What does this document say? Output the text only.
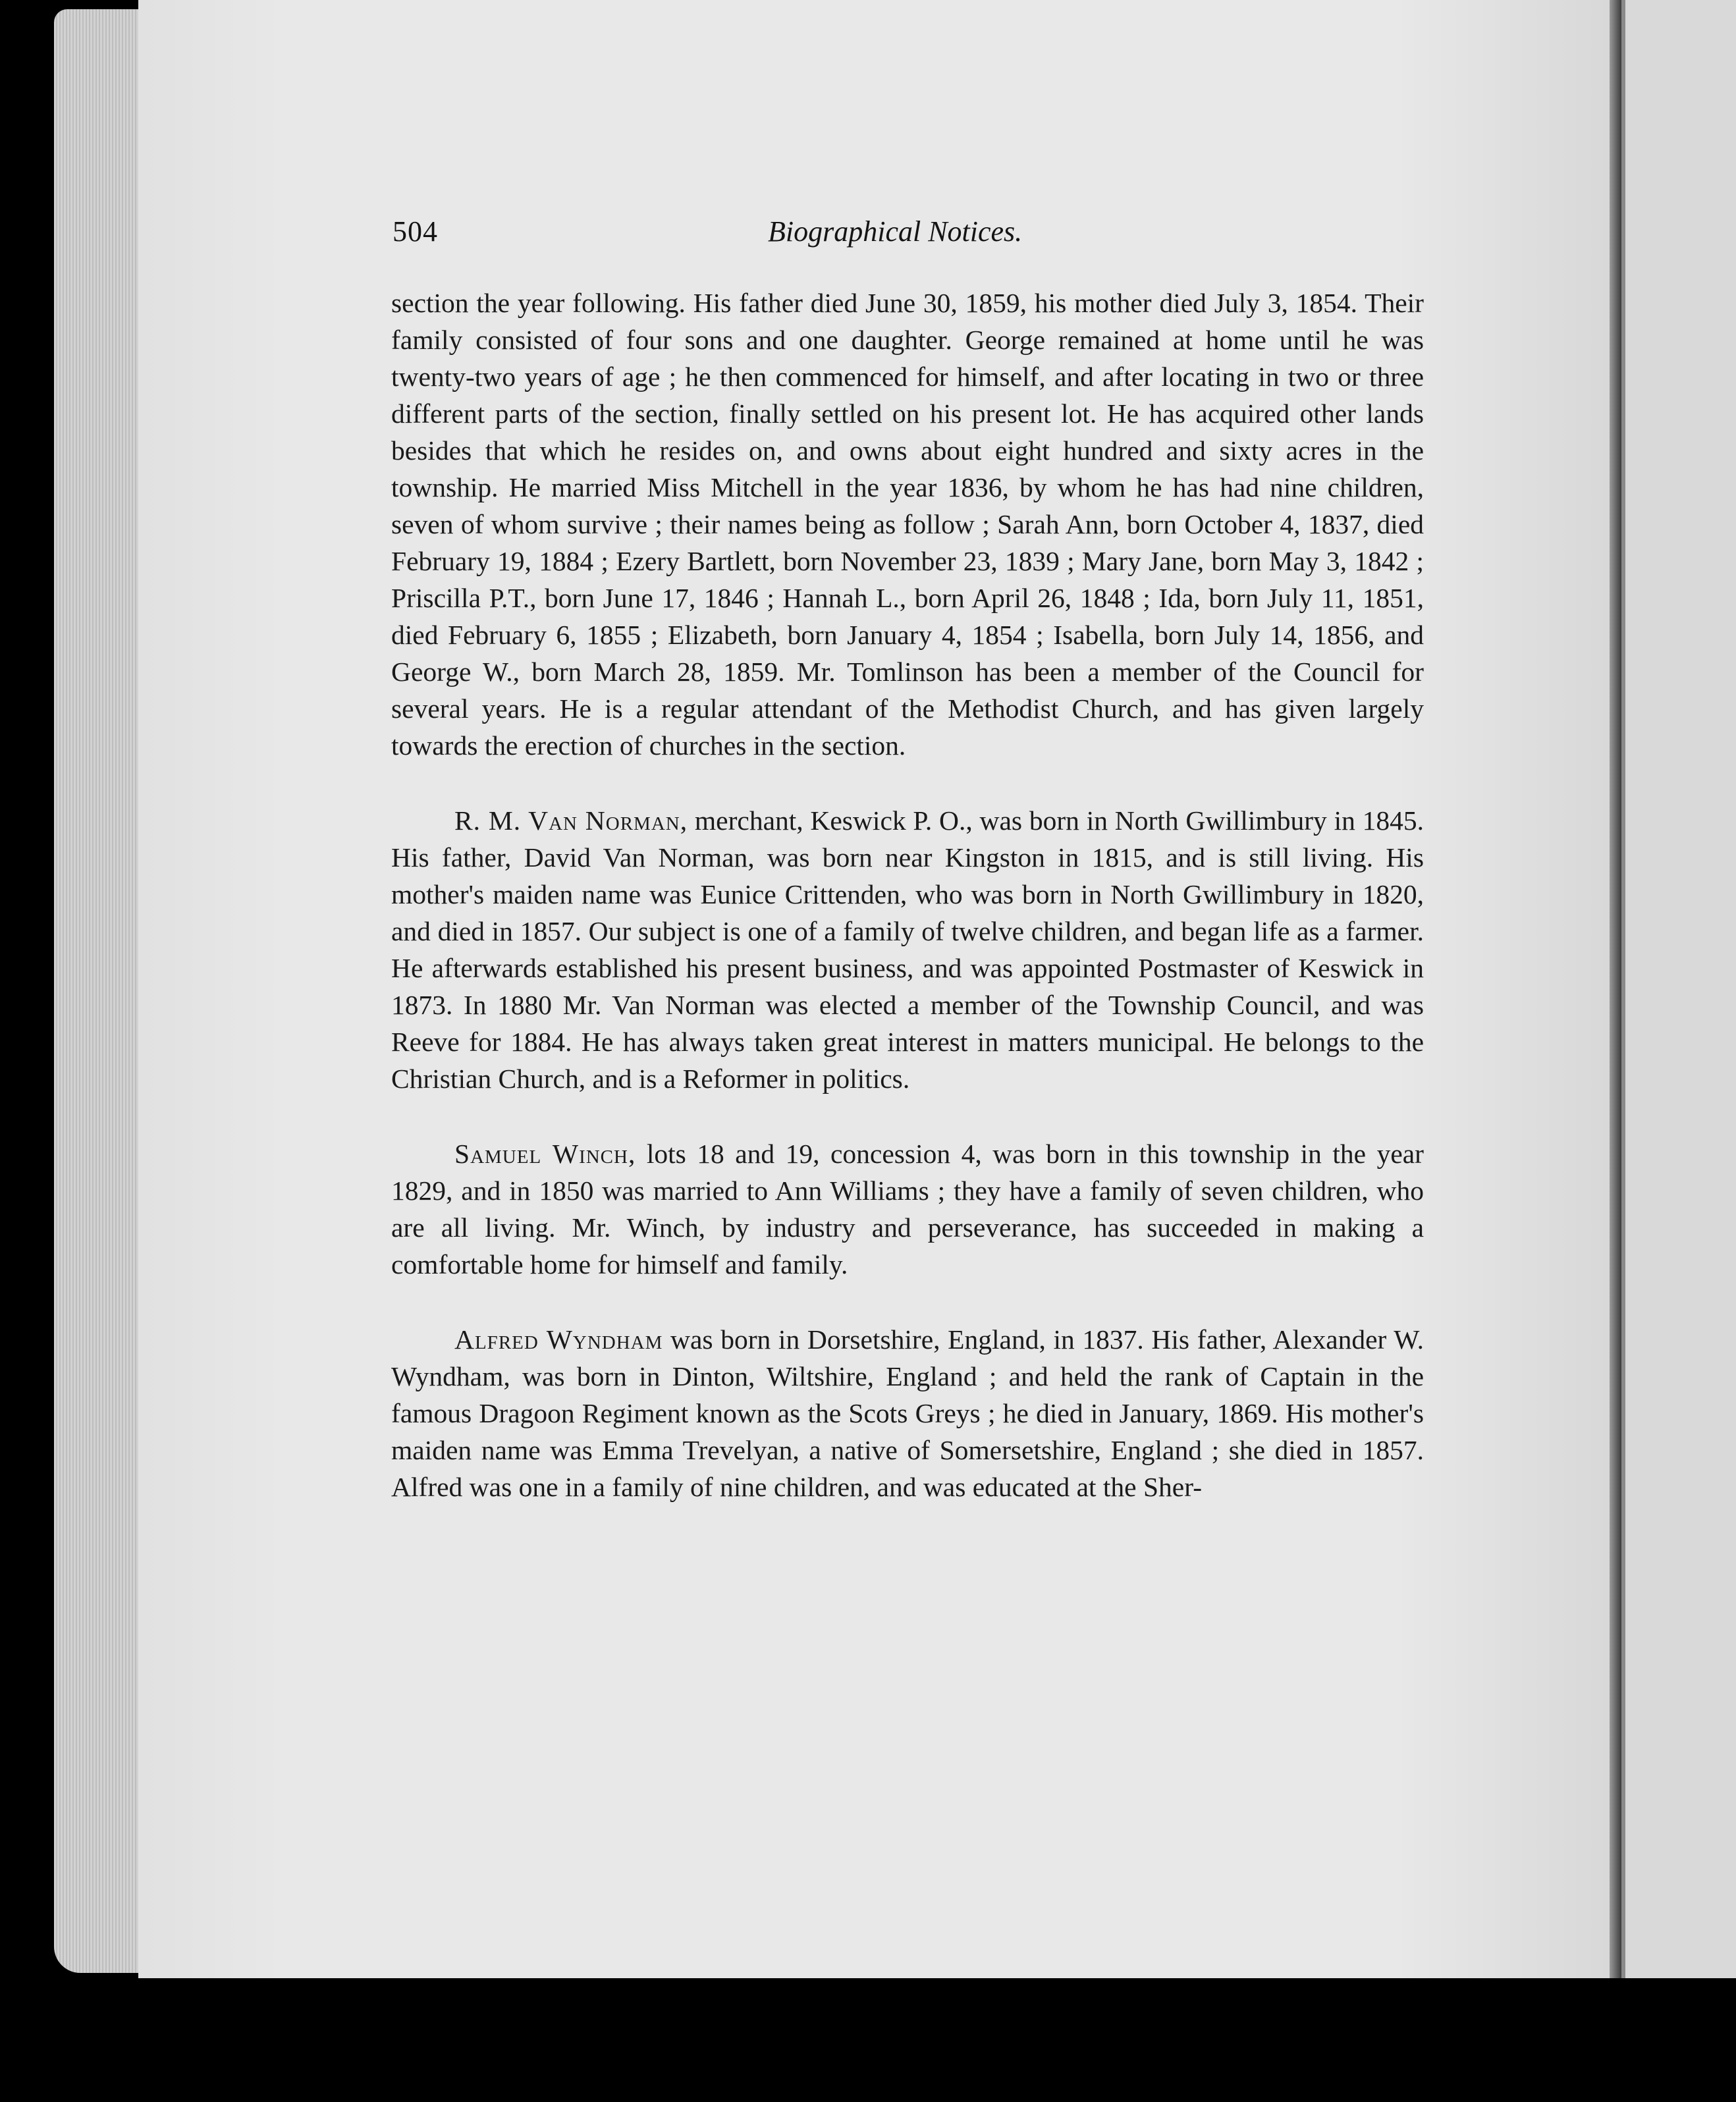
504	Biographical Notices.

section the year following. His father died June 30, 1859, his mother died July 3, 1854. Their family consisted of four sons and one daughter. George remained at home until he was twenty-two years of age ; he then commenced for himself, and after locating in two or three different parts of the section, finally settled on his present lot. He has acquired other lands besides that which he resides on, and owns about eight hundred and sixty acres in the township. He married Miss Mitchell in the year 1836, by whom he has had nine children, seven of whom survive ; their names being as follow ; Sarah Ann, born October 4, 1837, died February 19, 1884 ; Ezery Bartlett, born November 23, 1839 ; Mary Jane, born May 3, 1842 ; Priscilla P.T., born June 17, 1846 ; Hannah L., born April 26, 1848 ; Ida, born July 11, 1851, died February 6, 1855 ; Elizabeth, born January 4, 1854 ; Isabella, born July 14, 1856, and George W., born March 28, 1859. Mr. Tomlinson has been a member of the Council for several years. He is a regular attendant of the Methodist Church, and has given largely towards the erection of churches in the section.

R. M. Van Norman, merchant, Keswick P. O., was born in North Gwillimbury in 1845. His father, David Van Norman, was born near Kingston in 1815, and is still living. His mother's maiden name was Eunice Crittenden, who was born in North Gwillimbury in 1820, and died in 1857. Our subject is one of a family of twelve children, and began life as a farmer. He afterwards established his present business, and was appointed Postmaster of Keswick in 1873. In 1880 Mr. Van Norman was elected a member of the Township Council, and was Reeve for 1884. He has always taken great interest in matters municipal. He belongs to the Christian Church, and is a Reformer in politics.

Samuel Winch, lots 18 and 19, concession 4, was born in this township in the year 1829, and in 1850 was married to Ann Williams ; they have a family of seven children, who are all living. Mr. Winch, by industry and perseverance, has succeeded in making a comfortable home for himself and family.

Alfred Wyndham was born in Dorsetshire, England, in 1837. His father, Alexander W. Wyndham, was born in Dinton, Wiltshire, England ; and held the rank of Captain in the famous Dragoon Regiment known as the Scots Greys ; he died in January, 1869. His mother's maiden name was Emma Trevelyan, a native of Somersetshire, England ; she died in 1857. Alfred was one in a family of nine children, and was educated at the Sher-
